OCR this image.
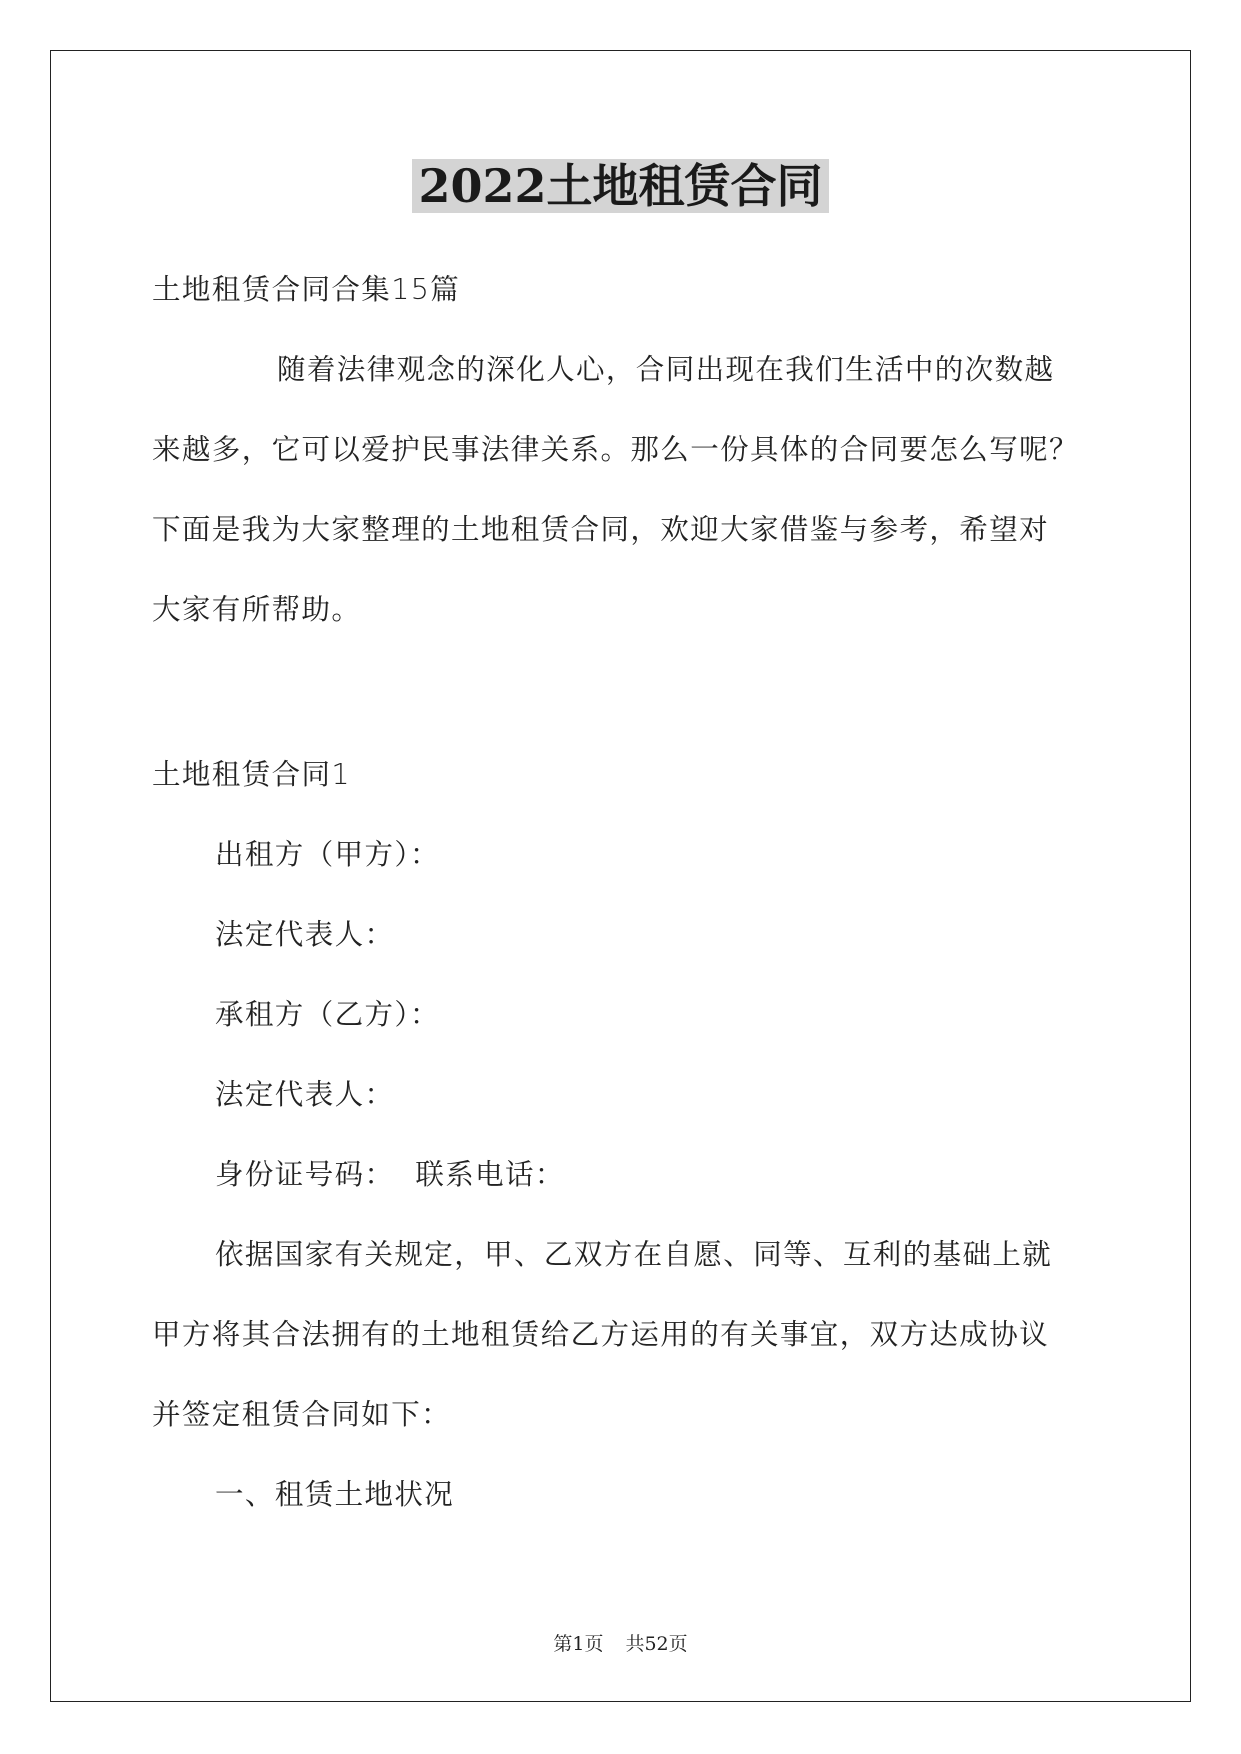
2022土地租赁合同
土地租赁合同合集15篇
随着法律观念的深化人心，合同出现在我们生活中的次数越
来越多，它可以爱护民事法律关系。那么一份具体的合同要怎么写呢？
下面是我为大家整理的土地租赁合同，欢迎大家借鉴与参考，希望对
大家有所帮助。
土地租赁合同1
出租方（甲方）：
法定代表人：
承租方（乙方）：
法定代表人：
身份证号码：  联系电话：
依据国家有关规定，甲、乙双方在自愿、同等、互利的基础上就
甲方将其合法拥有的土地租赁给乙方运用的有关事宜，双方达成协议
并签定租赁合同如下：
一、租赁土地状况
第1页 共52页
